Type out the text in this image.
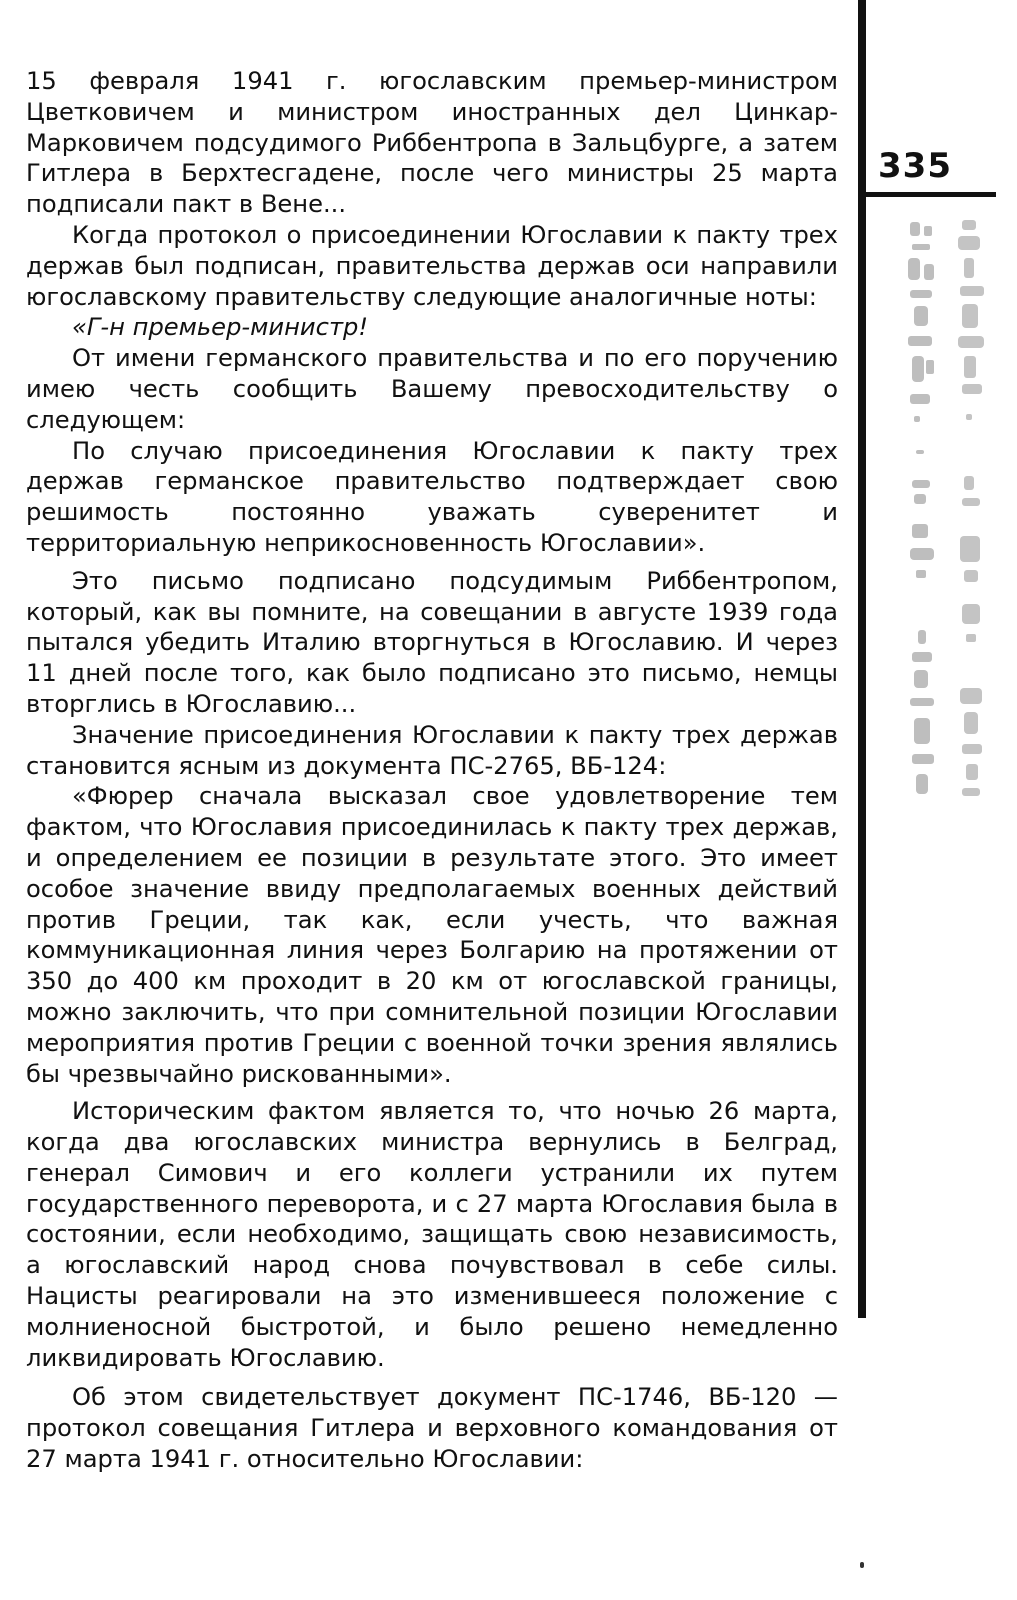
335

15 февраля 1941 г. югославским премьер-министром Цветковичем и министром иностранных дел Цинкар-Марковичем подсудимого Риббентропа в Зальцбурге, а затем Гитлера в Берхтесгадене, после чего министры 25 марта подписали пакт в Вене...

Когда протокол о присоединении Югославии к пакту трех держав был подписан, правительства держав оси направили югославскому правительству следующие аналогичные ноты:

«Г-н премьер-министр!

От имени германского правительства и по его поручению имею честь сообщить Вашему превосходительству о следующем:

По случаю присоединения Югославии к пакту трех держав германское правительство подтверждает свою решимость постоянно уважать суверенитет и территориальную неприкосновенность Югославии».

Это письмо подписано подсудимым Риббентропом, который, как вы помните, на совещании в августе 1939 года пытался убедить Италию вторгнуться в Югославию. И через 11 дней после того, как было подписано это письмо, немцы вторглись в Югославию...

Значение присоединения Югославии к пакту трех держав становится ясным из документа ПС-2765, ВБ-124:

«Фюрер сначала высказал свое удовлетворение тем фактом, что Югославия присоединилась к пакту трех держав, и определением ее позиции в результате этого. Это имеет особое значение ввиду предполагаемых военных действий против Греции, так как, если учесть, что важная коммуникационная линия через Болгарию на протяжении от 350 до 400 км проходит в 20 км от югославской границы, можно заключить, что при сомнительной позиции Югославии мероприятия против Греции с военной точки зрения являлись бы чрезвычайно рискованными».

Историческим фактом является то, что ночью 26 марта, когда два югославских министра вернулись в Белград, генерал Симович и его коллеги устранили их путем государственного переворота, и с 27 марта Югославия была в состоянии, если необходимо, защищать свою независимость, а югославский народ снова почувствовал в себе силы. Нацисты реагировали на это изменившееся положение с молниеносной быстротой, и было решено немедленно ликвидировать Югославию.

Об этом свидетельствует документ ПС-1746, ВБ-120 — протокол совещания Гитлера и верховного командования от 27 марта 1941 г. относительно Югославии:
